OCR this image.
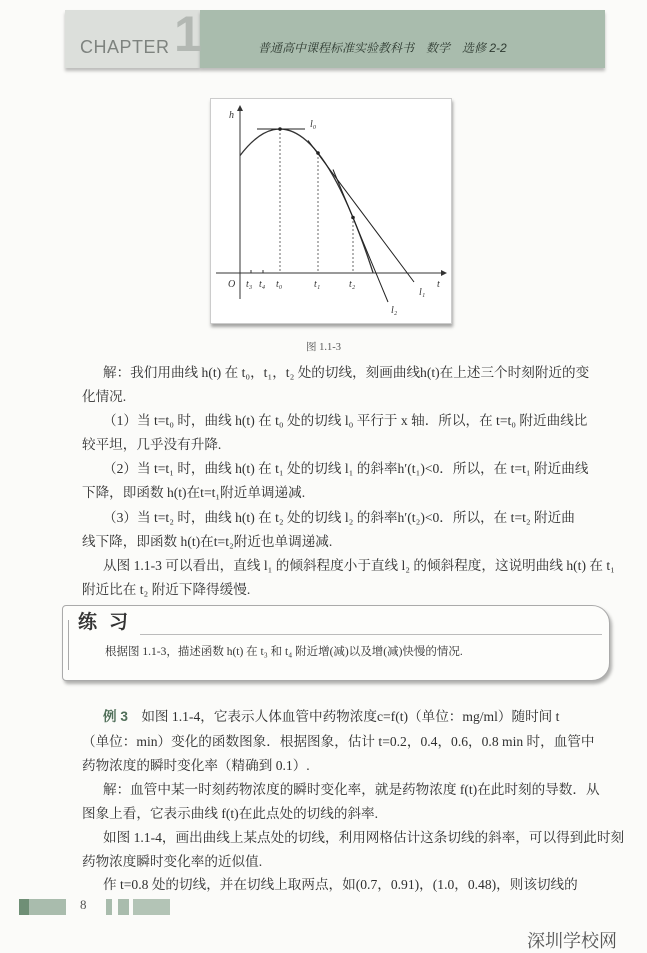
CHAPTER 1	普通高中课程标准实验教科书　数学　选修 2-2
h
t
O t₃ t₄ t₀	t₁	t₂
l₀
l₁
l₂
图 1.1-3
解：我们用曲线 h(t) 在 t₀，t₁，t₂ 处的切线，刻画曲线h(t)在上述三个时刻附近的变
化情况.
（1）当 t=t₀ 时，曲线 h(t) 在 t₀ 处的切线 l₀ 平行于 x 轴．所以，在 t=t₀ 附近曲线比
较平坦，几乎没有升降.
（2）当 t=t₁ 时，曲线 h(t) 在 t₁ 处的切线 l₁ 的斜率h′(t₁)<0．所以，在 t=t₁ 附近曲线
下降，即函数 h(t)在t=t₁附近单调递减.
（3）当 t=t₂ 时，曲线 h(t) 在 t₂ 处的切线 l₂ 的斜率h′(t₂)<0．所以，在 t=t₂ 附近曲
线下降，即函数 h(t)在t=t₂附近也单调递减.
从图 1.1-3 可以看出，直线 l₁ 的倾斜程度小于直线 l₂ 的倾斜程度，这说明曲线 h(t) 在 t₁
附近比在 t₂ 附近下降得缓慢.
练习
根据图 1.1-3，描述函数 h(t) 在 t₃ 和 t₄ 附近增(减)以及增(减)快慢的情况.
例 3 如图 1.1-4，它表示人体血管中药物浓度c=f(t)（单位：mg/ml）随时间 t
（单位：min）变化的函数图象．根据图象，估计 t=0.2，0.4，0.6，0.8 min 时，血管中
药物浓度的瞬时变化率（精确到 0.1）.
解：血管中某一时刻药物浓度的瞬时变化率，就是药物浓度 f(t)在此时刻的导数．从
图象上看，它表示曲线 f(t)在此点处的切线的斜率.
如图 1.1-4，画出曲线上某点处的切线，利用网格估计这条切线的斜率，可以得到此时刻
药物浓度瞬时变化率的近似值.
作 t=0.8 处的切线，并在切线上取两点，如(0.7，0.91)，(1.0，0.48)，则该切线的
8
深圳学校网
